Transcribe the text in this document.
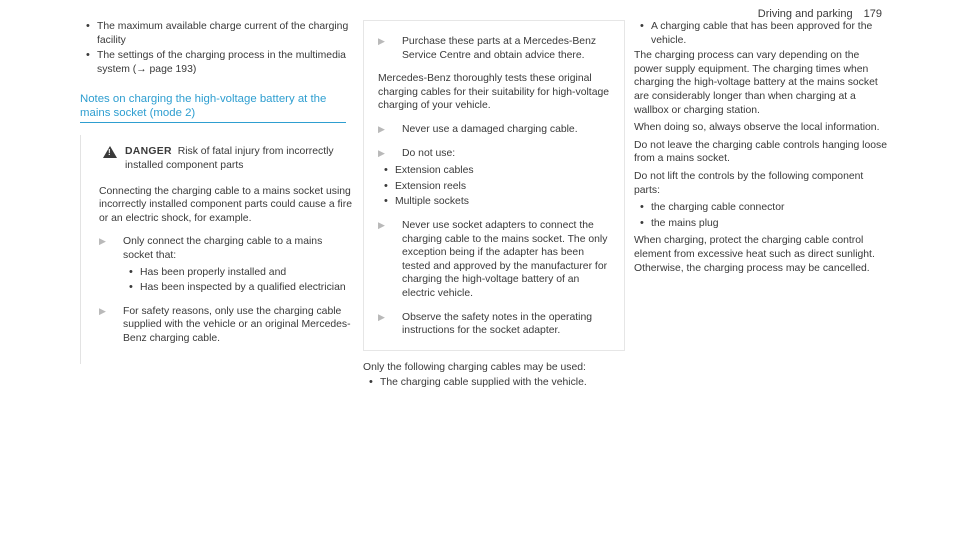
Driving and parking 179
• The maximum available charge current of the charging facility
• The settings of the charging process in the multimedia system (→ page 193)
Notes on charging the high-voltage battery at the mains socket (mode 2)
! DANGER Risk of fatal injury from incorrectly installed component parts
Connecting the charging cable to a mains socket using incorrectly installed component parts could cause a fire or an electric shock, for example.
▶ Only connect the charging cable to a mains socket that:
• Has been properly installed and
• Has been inspected by a qualified electrician
▶ For safety reasons, only use the charging cable supplied with the vehicle or an original Mercedes-Benz charging cable.
▶ Purchase these parts at a Mercedes-Benz Service Centre and obtain advice there.
Mercedes-Benz thoroughly tests these original charging cables for their suitability for high-voltage charging of your vehicle.
▶ Never use a damaged charging cable.
▶ Do not use:
• Extension cables
• Extension reels
• Multiple sockets
▶ Never use socket adapters to connect the charging cable to the mains socket. The only exception being if the adapter has been tested and approved by the manufacturer for charging the high-voltage battery of an electric vehicle.
▶ Observe the safety notes in the operating instructions for the socket adapter.
Only the following charging cables may be used:
• The charging cable supplied with the vehicle.
• A charging cable that has been approved for the vehicle.
The charging process can vary depending on the power supply equipment. The charging times when charging the high-voltage battery at the mains socket are considerably longer than when charging at a wallbox or charging station.
When doing so, always observe the local information.
Do not leave the charging cable controls hanging loose from a mains socket.
Do not lift the controls by the following component parts:
• the charging cable connector
• the mains plug
When charging, protect the charging cable control element from excessive heat such as direct sunlight. Otherwise, the charging process may be cancelled.
